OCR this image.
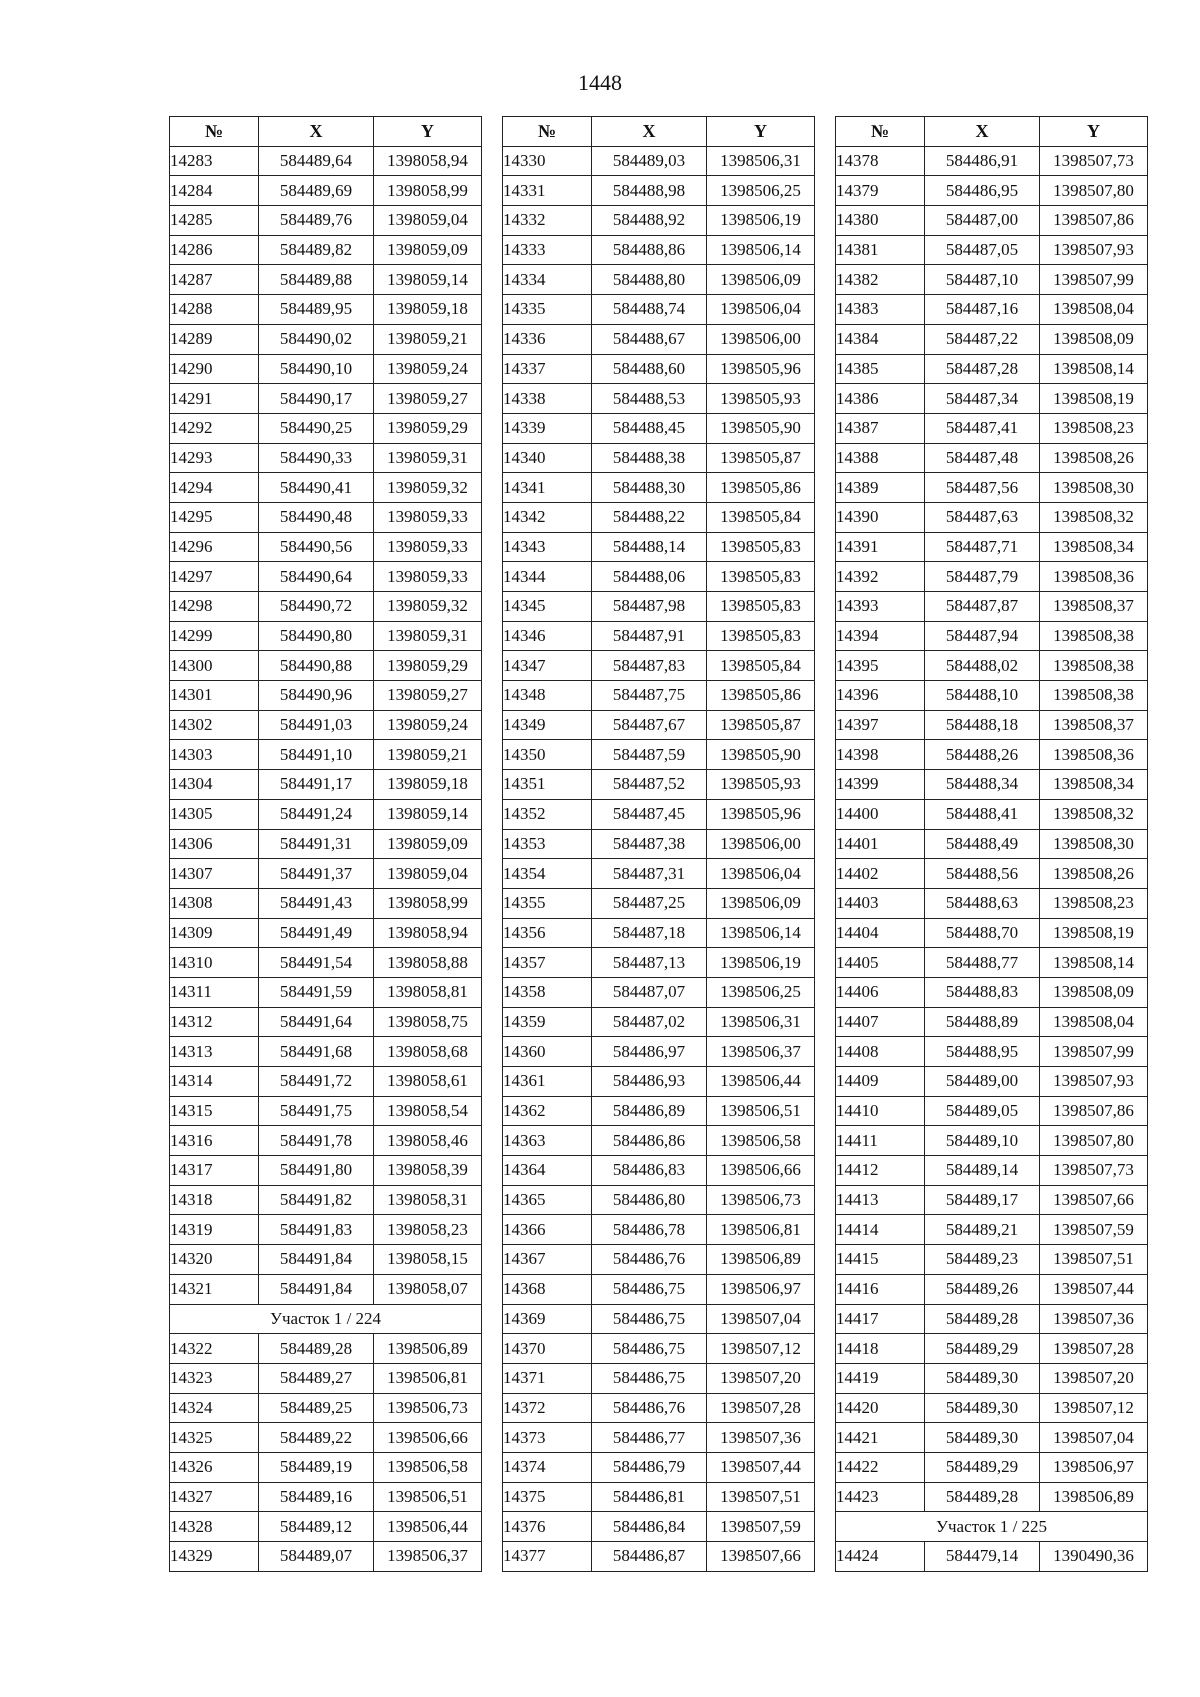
1448
№	X	Y
14283	584489,64	1398058,94
14284	584489,69	1398058,99
14285	584489,76	1398059,04
14286	584489,82	1398059,09
14287	584489,88	1398059,14
14288	584489,95	1398059,18
14289	584490,02	1398059,21
14290	584490,10	1398059,24
14291	584490,17	1398059,27
14292	584490,25	1398059,29
14293	584490,33	1398059,31
14294	584490,41	1398059,32
14295	584490,48	1398059,33
14296	584490,56	1398059,33
14297	584490,64	1398059,33
14298	584490,72	1398059,32
14299	584490,80	1398059,31
14300	584490,88	1398059,29
14301	584490,96	1398059,27
14302	584491,03	1398059,24
14303	584491,10	1398059,21
14304	584491,17	1398059,18
14305	584491,24	1398059,14
14306	584491,31	1398059,09
14307	584491,37	1398059,04
14308	584491,43	1398058,99
14309	584491,49	1398058,94
14310	584491,54	1398058,88
14311	584491,59	1398058,81
14312	584491,64	1398058,75
14313	584491,68	1398058,68
14314	584491,72	1398058,61
14315	584491,75	1398058,54
14316	584491,78	1398058,46
14317	584491,80	1398058,39
14318	584491,82	1398058,31
14319	584491,83	1398058,23
14320	584491,84	1398058,15
14321	584491,84	1398058,07
Участок 1 / 224		
14322	584489,28	1398506,89
14323	584489,27	1398506,81
14324	584489,25	1398506,73
14325	584489,22	1398506,66
14326	584489,19	1398506,58
14327	584489,16	1398506,51
14328	584489,12	1398506,44
14329	584489,07	1398506,37
№	X	Y
14330	584489,03	1398506,31
14331	584488,98	1398506,25
14332	584488,92	1398506,19
14333	584488,86	1398506,14
14334	584488,80	1398506,09
14335	584488,74	1398506,04
14336	584488,67	1398506,00
14337	584488,60	1398505,96
14338	584488,53	1398505,93
14339	584488,45	1398505,90
14340	584488,38	1398505,87
14341	584488,30	1398505,86
14342	584488,22	1398505,84
14343	584488,14	1398505,83
14344	584488,06	1398505,83
14345	584487,98	1398505,83
14346	584487,91	1398505,83
14347	584487,83	1398505,84
14348	584487,75	1398505,86
14349	584487,67	1398505,87
14350	584487,59	1398505,90
14351	584487,52	1398505,93
14352	584487,45	1398505,96
14353	584487,38	1398506,00
14354	584487,31	1398506,04
14355	584487,25	1398506,09
14356	584487,18	1398506,14
14357	584487,13	1398506,19
14358	584487,07	1398506,25
14359	584487,02	1398506,31
14360	584486,97	1398506,37
14361	584486,93	1398506,44
14362	584486,89	1398506,51
14363	584486,86	1398506,58
14364	584486,83	1398506,66
14365	584486,80	1398506,73
14366	584486,78	1398506,81
14367	584486,76	1398506,89
14368	584486,75	1398506,97
14369	584486,75	1398507,04
14370	584486,75	1398507,12
14371	584486,75	1398507,20
14372	584486,76	1398507,28
14373	584486,77	1398507,36
14374	584486,79	1398507,44
14375	584486,81	1398507,51
14376	584486,84	1398507,59
14377	584486,87	1398507,66
№	X	Y
14378	584486,91	1398507,73
14379	584486,95	1398507,80
14380	584487,00	1398507,86
14381	584487,05	1398507,93
14382	584487,10	1398507,99
14383	584487,16	1398508,04
14384	584487,22	1398508,09
14385	584487,28	1398508,14
14386	584487,34	1398508,19
14387	584487,41	1398508,23
14388	584487,48	1398508,26
14389	584487,56	1398508,30
14390	584487,63	1398508,32
14391	584487,71	1398508,34
14392	584487,79	1398508,36
14393	584487,87	1398508,37
14394	584487,94	1398508,38
14395	584488,02	1398508,38
14396	584488,10	1398508,38
14397	584488,18	1398508,37
14398	584488,26	1398508,36
14399	584488,34	1398508,34
14400	584488,41	1398508,32
14401	584488,49	1398508,30
14402	584488,56	1398508,26
14403	584488,63	1398508,23
14404	584488,70	1398508,19
14405	584488,77	1398508,14
14406	584488,83	1398508,09
14407	584488,89	1398508,04
14408	584488,95	1398507,99
14409	584489,00	1398507,93
14410	584489,05	1398507,86
14411	584489,10	1398507,80
14412	584489,14	1398507,73
14413	584489,17	1398507,66
14414	584489,21	1398507,59
14415	584489,23	1398507,51
14416	584489,26	1398507,44
14417	584489,28	1398507,36
14418	584489,29	1398507,28
14419	584489,30	1398507,20
14420	584489,30	1398507,12
14421	584489,30	1398507,04
14422	584489,29	1398506,97
14423	584489,28	1398506,89
Участок 1 / 225		
14424	584479,14	1390490,36
